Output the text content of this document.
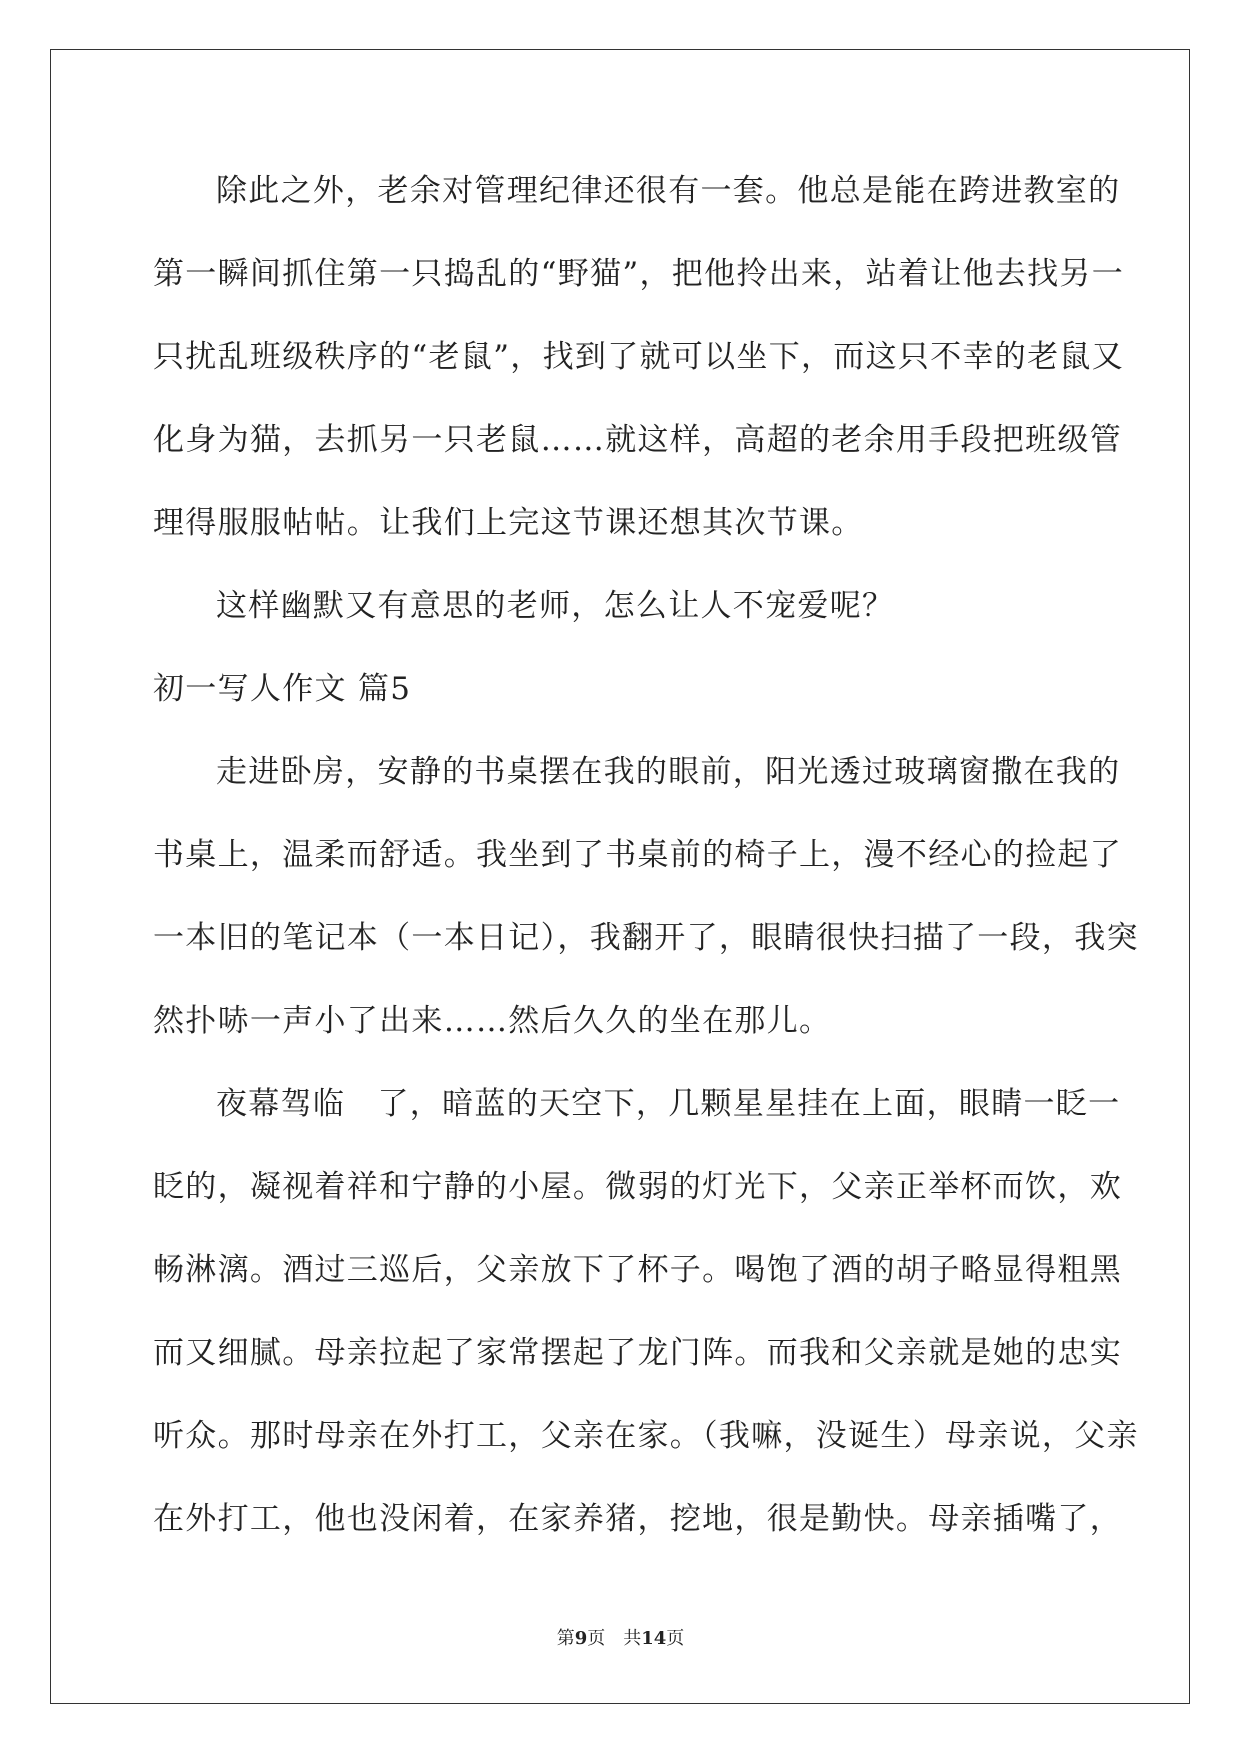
除此之外，老余对管理纪律还很有一套。他总是能在跨进教室的
第一瞬间抓住第一只捣乱的“野猫”，把他拎出来，站着让他去找另一
只扰乱班级秩序的“老鼠”，找到了就可以坐下，而这只不幸的老鼠又
化身为猫，去抓另一只老鼠……就这样，高超的老余用手段把班级管
理得服服帖帖。让我们上完这节课还想其次节课。
这样幽默又有意思的老师，怎么让人不宠爱呢？
初一写人作文 篇5
走进卧房，安静的书桌摆在我的眼前，阳光透过玻璃窗撒在我的
书桌上，温柔而舒适。我坐到了书桌前的椅子上，漫不经心的捡起了
一本旧的笔记本（一本日记），我翻开了，眼睛很快扫描了一段，我突
然扑哧一声小了出来……然后久久的坐在那儿。
夜幕驾临　了，暗蓝的天空下，几颗星星挂在上面，眼睛一眨一
眨的，凝视着祥和宁静的小屋。微弱的灯光下，父亲正举杯而饮，欢
畅淋漓。酒过三巡后，父亲放下了杯子。喝饱了酒的胡子略显得粗黑
而又细腻。母亲拉起了家常摆起了龙门阵。而我和父亲就是她的忠实
听众。那时母亲在外打工，父亲在家。（我嘛，没诞生）母亲说，父亲
在外打工，他也没闲着，在家养猪，挖地，很是勤快。母亲插嘴了，
第9页  共14页
